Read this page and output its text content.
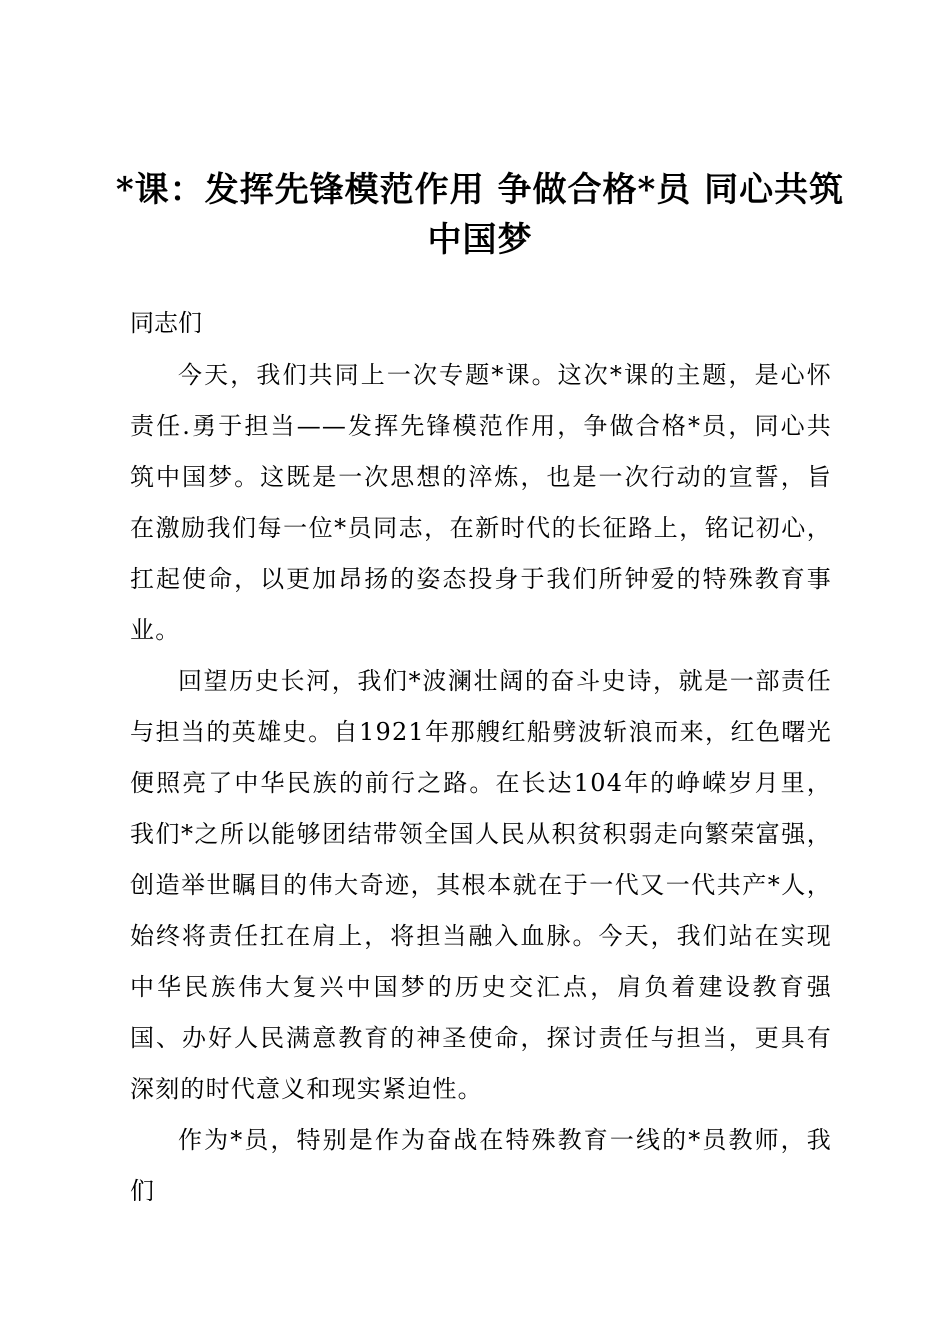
*课：发挥先锋模范作用 争做合格*员 同心共筑中国梦

同志们

今天，我们共同上一次专题*课。这次*课的主题，是心怀责任.勇于担当——发挥先锋模范作用，争做合格*员，同心共筑中国梦。这既是一次思想的淬炼，也是一次行动的宣誓，旨在激励我们每一位*员同志，在新时代的长征路上，铭记初心，扛起使命，以更加昂扬的姿态投身于我们所钟爱的特殊教育事业。

回望历史长河，我们*波澜壮阔的奋斗史诗，就是一部责任与担当的英雄史。自1921年那艘红船劈波斩浪而来，红色曙光便照亮了中华民族的前行之路。在长达104年的峥嵘岁月里，我们*之所以能够团结带领全国人民从积贫积弱走向繁荣富强，创造举世瞩目的伟大奇迹，其根本就在于一代又一代共产*人，始终将责任扛在肩上，将担当融入血脉。今天，我们站在实现中华民族伟大复兴中国梦的历史交汇点，肩负着建设教育强国、办好人民满意教育的神圣使命，探讨责任与担当，更具有深刻的时代意义和现实紧迫性。

作为*员，特别是作为奋战在特殊教育一线的*员教师，我们
